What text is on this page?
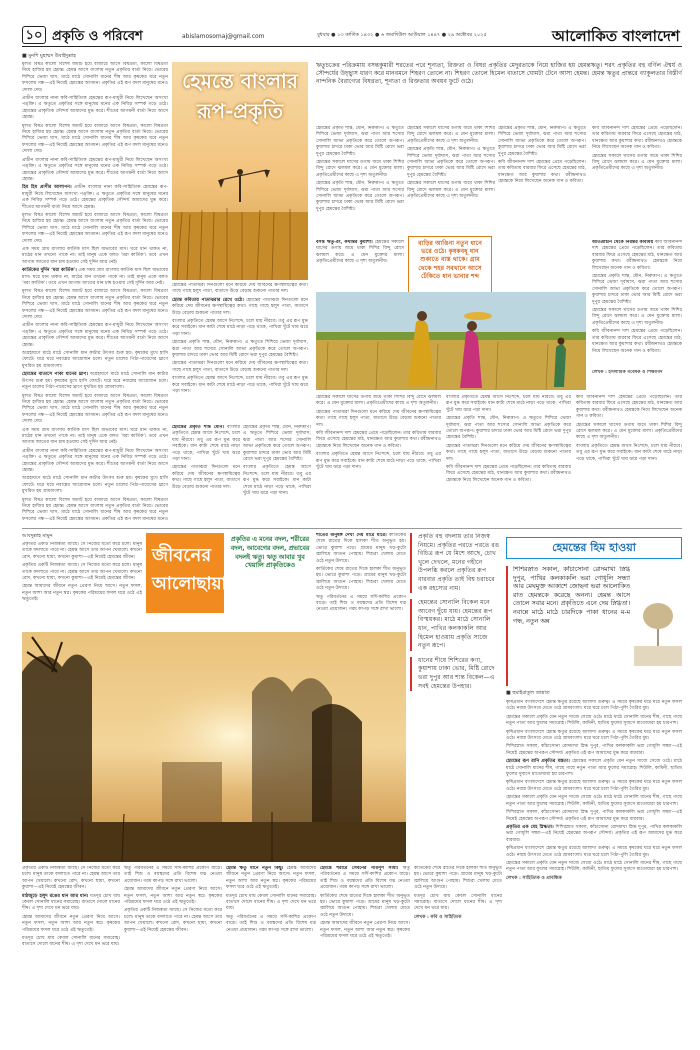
১০ প্রকৃতি ও পরিবেশ	abislamosomaj@gmail.com	বুধবার ● ১৩ কার্তিক ১৪৩২ ● ৬ জমাদিউল আউয়াল ১৪৪৭ ● ২৯ অক্টোবর ২০২৫	আলোকিত বাংলাদেশ
■ মুনশি মুহাম্মদ উবাইদুল্লাহ

মূলত বিষণ্ণ কালো বিশেষ জমাট হয়ে বাজারে আসে বিষণ্ণতা, কালো বিষণ্ণতা নিয়ে হাজির হয় হেমন্ত। হেমন্ত আসে বাংলায় নতুন প্রকৃতির বার্তা নিয়ে। ভোরের শিশিরে ভেজা ঘাস, মাঠে মাঠে সোনালি ধানের শীষ আর কৃষকের ঘরে নতুন ফসলের গন্ধ—এই নিয়েই হেমন্তের আগমন। প্রকৃতির এই রূপ বদল মানুষের মনেও দোলা দেয়।

প্রাচীন বাংলার নানা কবি-সাহিত্যিক হেমন্তের রূপ-মাধুরী নিয়ে লিখেছেন অসংখ্য পঙ্‌ক্তি। এ ঋতুতে প্রকৃতির সঙ্গে মানুষের মনের এক নিবিড় সম্পর্ক গড়ে ওঠে। হেমন্তের প্রাকৃতিক সৌন্দর্য আমাদের মুগ্ধ করে। শীতের আগমনী বার্তা নিয়ে আসে হেমন্ত।

মূলত বিষণ্ণ কালো বিশেষ জমাট হয়ে বাজারে আসে বিষণ্ণতা, কালো বিষণ্ণতা নিয়ে হাজির হয় হেমন্ত। হেমন্ত আসে বাংলায় নতুন প্রকৃতির বার্তা নিয়ে। ভোরের শিশিরে ভেজা ঘাস, মাঠে মাঠে সোনালি ধানের শীষ আর কৃষকের ঘরে নতুন ফসলের গন্ধ—এই নিয়েই হেমন্তের আগমন। প্রকৃতির এই রূপ বদল মানুষের মনেও দোলা দেয়।

প্রাচীন বাংলার নানা কবি-সাহিত্যিক হেমন্তের রূপ-মাধুরী নিয়ে লিখেছেন অসংখ্য পঙ্‌ক্তি। এ ঋতুতে প্রকৃতির সঙ্গে মানুষের মনের এক নিবিড় সম্পর্ক গড়ে ওঠে। হেমন্তের প্রাকৃতিক সৌন্দর্য আমাদের মুগ্ধ করে। শীতের আগমনী বার্তা নিয়ে আসে হেমন্ত।

হিম হিম প্রাণীর আলাপন। প্রাচীন বাংলার নানা কবি-সাহিত্যিক হেমন্তের রূপ-মাধুরী নিয়ে লিখেছেন অসংখ্য পঙ্‌ক্তি। এ ঋতুতে প্রকৃতির সঙ্গে মানুষের মনের এক নিবিড় সম্পর্ক গড়ে ওঠে। হেমন্তের প্রাকৃতিক সৌন্দর্য আমাদের মুগ্ধ করে। শীতের আগমনী বার্তা নিয়ে আসে হেমন্ত।

মূলত বিষণ্ণ কালো বিশেষ জমাট হয়ে বাজারে আসে বিষণ্ণতা, কালো বিষণ্ণতা নিয়ে হাজির হয় হেমন্ত। হেমন্ত আসে বাংলায় নতুন প্রকৃতির বার্তা নিয়ে। ভোরের শিশিরে ভেজা ঘাস, মাঠে মাঠে সোনালি ধানের শীষ আর কৃষকের ঘরে নতুন ফসলের গন্ধ—এই নিয়েই হেমন্তের আগমন। প্রকৃতির এই রূপ বদল মানুষের মনেও দোলা দেয়।

এক সময় গ্রাম বাংলায় কার্তিক মাস ছিল অভাবের মাস। ঘরে ধান থাকত না, মাঠের ধান তখনো পাকে না। তাই মানুষ একে বলত ‘মরা কার্তিক’। তবে এখন আগাম জাতের ধান চাষ হওয়ায় সেই দুর্দিন আর নেই।

কার্তিকের দুর্দিন ‘মরা কার্তিক’। এক সময় গ্রাম বাংলায় কার্তিক মাস ছিল অভাবের মাস। ঘরে ধান থাকত না, মাঠের ধান তখনো পাকে না। তাই মানুষ একে বলত ‘মরা কার্তিক’। তবে এখন আগাম জাতের ধান চাষ হওয়ায় সেই দুর্দিন আর নেই।

মূলত বিষণ্ণ কালো বিশেষ জমাট হয়ে বাজারে আসে বিষণ্ণতা, কালো বিষণ্ণতা নিয়ে হাজির হয় হেমন্ত। হেমন্ত আসে বাংলায় নতুন প্রকৃতির বার্তা নিয়ে। ভোরের শিশিরে ভেজা ঘাস, মাঠে মাঠে সোনালি ধানের শীষ আর কৃষকের ঘরে নতুন ফসলের গন্ধ—এই নিয়েই হেমন্তের আগমন। প্রকৃতির এই রূপ বদল মানুষের মনেও দোলা দেয়।

প্রাচীন বাংলার নানা কবি-সাহিত্যিক হেমন্তের রূপ-মাধুরী নিয়ে লিখেছেন অসংখ্য পঙ্‌ক্তি। এ ঋতুতে প্রকৃতির সঙ্গে মানুষের মনের এক নিবিড় সম্পর্ক গড়ে ওঠে। হেমন্তের প্রাকৃতিক সৌন্দর্য আমাদের মুগ্ধ করে। শীতের আগমনী বার্তা নিয়ে আসে হেমন্ত।

অগ্রহায়ণে মাঠে মাঠে সোনালি ধান কাটার উৎসব শুরু হয়। কৃষকের মুখে হাসি ফোটে। ঘরে ঘরে নবান্নের আয়োজন চলে। নতুন চালের পিঠা-পায়েসের ঘ্রাণে মুখরিত হয় গ্রামবাংলা।

হেমন্তের বাতাসে পাকা ধানের ঘ্রাণ। অগ্রহায়ণে মাঠে মাঠে সোনালি ধান কাটার উৎসব শুরু হয়। কৃষকের মুখে হাসি ফোটে। ঘরে ঘরে নবান্নের আয়োজন চলে। নতুন চালের পিঠা-পায়েসের ঘ্রাণে মুখরিত হয় গ্রামবাংলা।

মূলত বিষণ্ণ কালো বিশেষ জমাট হয়ে বাজারে আসে বিষণ্ণতা, কালো বিষণ্ণতা নিয়ে হাজির হয় হেমন্ত। হেমন্ত আসে বাংলায় নতুন প্রকৃতির বার্তা নিয়ে। ভোরের শিশিরে ভেজা ঘাস, মাঠে মাঠে সোনালি ধানের শীষ আর কৃষকের ঘরে নতুন ফসলের গন্ধ—এই নিয়েই হেমন্তের আগমন। প্রকৃতির এই রূপ বদল মানুষের মনেও দোলা দেয়।

এক সময় গ্রাম বাংলায় কার্তিক মাস ছিল অভাবের মাস। ঘরে ধান থাকত না, মাঠের ধান তখনো পাকে না। তাই মানুষ একে বলত ‘মরা কার্তিক’। তবে এখন আগাম জাতের ধান চাষ হওয়ায় সেই দুর্দিন আর নেই।

প্রাচীন বাংলার নানা কবি-সাহিত্যিক হেমন্তের রূপ-মাধুরী নিয়ে লিখেছেন অসংখ্য পঙ্‌ক্তি। এ ঋতুতে প্রকৃতির সঙ্গে মানুষের মনের এক নিবিড় সম্পর্ক গড়ে ওঠে। হেমন্তের প্রাকৃতিক সৌন্দর্য আমাদের মুগ্ধ করে। শীতের আগমনী বার্তা নিয়ে আসে হেমন্ত।

অগ্রহায়ণে মাঠে মাঠে সোনালি ধান কাটার উৎসব শুরু হয়। কৃষকের মুখে হাসি ফোটে। ঘরে ঘরে নবান্নের আয়োজন চলে। নতুন চালের পিঠা-পায়েসের ঘ্রাণে মুখরিত হয় গ্রামবাংলা।

মূলত বিষণ্ণ কালো বিশেষ জমাট হয়ে বাজারে আসে বিষণ্ণতা, কালো বিষণ্ণতা নিয়ে হাজির হয় হেমন্ত। হেমন্ত আসে বাংলায় নতুন প্রকৃতির বার্তা নিয়ে। ভোরের শিশিরে ভেজা ঘাস, মাঠে মাঠে সোনালি ধানের শীষ আর কৃষকের ঘরে নতুন ফসলের গন্ধ—এই নিয়েই হেমন্তের আগমন। প্রকৃতির এই রূপ বদল মানুষের মনেও

হেমন্তে বাংলার রূপ-প্রকৃতি
ঋতুচক্রের পরিক্রমায় বসন্তকুমারী শরতের পরে শূন্যতা, রিক্ততা ও বিষণ্ণ প্রকৃতির মেদুরতাকে নিয়ে হাজির হয় হেমন্তঋতু। শরৎ প্রকৃতির বহু বর্ণিল ঐশ্বর্য ও সৌন্দর্যের উচ্ছ্বাস ধারণ করে মানবমনে শিহরণ তোলে না। শিহরণ তোলে হিমেল বাতাসে ঘোমটা টেনে আসা হেমন্ত। হেমন্ত ঋতুর প্রান্তরে ব্যাকুলতার বিস্তীর্ণ নান্দনিক বৈরাগ্যের বিষণ্ণতা, শূন্যতা ও রিক্ততার অবয়ব ফুটে ওঠে।

হেমন্তের প্রকৃতি শান্ত, মৌন, নিরুত্তাপ। এ ঋতুতে শিশিরে ভেজা দূর্বাঘাস, ঝরা পাতা আর শস্যের সোনালি আভা প্রকৃতিকে করে তোলে অপরূপ। কুয়াশার চাদরে ঢাকা ভোর আর মিষ্টি রোদে ভরা দুপুর হেমন্তের বৈশিষ্ট্য।

হেমন্তের সকালে ঘাসের ডগায় জমে থাকা শিশির বিন্দু রোদে ঝলমল করে। এ যেন মুক্তোর মালা। প্রকৃতিপ্রেমীদের কাছে এ দৃশ্য অতুলনীয়।

হেমন্তের প্রকৃতি শান্ত, মৌন, নিরুত্তাপ। এ ঋতুতে শিশিরে ভেজা দূর্বাঘাস, ঝরা পাতা আর শস্যের সোনালি আভা প্রকৃতিকে করে তোলে অপরূপ। কুয়াশার চাদরে ঢাকা ভোর আর মিষ্টি রোদে ভরা দুপুর হেমন্তের বৈশিষ্ট্য।

হেমন্তের সকালে ঘাসের ডগায় জমে থাকা শিশির বিন্দু রোদে ঝলমল করে। এ যেন মুক্তোর মালা। প্রকৃতিপ্রেমীদের কাছে এ দৃশ্য অতুলনীয়।

হেমন্তের প্রকৃতি শান্ত, মৌন, নিরুত্তাপ। এ ঋতুতে শিশিরে ভেজা দূর্বাঘাস, ঝরা পাতা আর শস্যের সোনালি আভা প্রকৃতিকে করে তোলে অপরূপ। কুয়াশার চাদরে ঢাকা ভোর আর মিষ্টি রোদে ভরা দুপুর হেমন্তের বৈশিষ্ট্য।

হেমন্তের সকালে ঘাসের ডগায় জমে থাকা শিশির বিন্দু রোদে ঝলমল করে। এ যেন মুক্তোর মালা। প্রকৃতিপ্রেমীদের কাছে এ দৃশ্য অতুলনীয়।

হেমন্তের প্রকৃতি শান্ত, মৌন, নিরুত্তাপ। এ ঋতুতে শিশিরে ভেজা দূর্বাঘাস, ঝরা পাতা আর শস্যের সোনালি আভা প্রকৃতিকে করে তোলে অপরূপ। কুয়াশার চাদরে ঢাকা ভোর আর মিষ্টি রোদে ভরা দুপুর হেমন্তের বৈশিষ্ট্য।

কবি জীবনানন্দ দাশ হেমন্তের প্রেমে পড়েছিলেন। তার কবিতায় বারবার ফিরে এসেছে হেমন্তের মাঠ, ধানক্ষেত আর কুয়াশার কথা। রবীন্দ্রনাথও হেমন্তকে নিয়ে লিখেছেন অনেক গান ও কবিতা।

কবি জীবনানন্দ দাশ হেমন্তের প্রেমে পড়েছিলেন। তার কবিতায় বারবার ফিরে এসেছে হেমন্তের মাঠ, ধানক্ষেত আর কুয়াশার কথা। রবীন্দ্রনাথও হেমন্তকে নিয়ে লিখেছেন অনেক গান ও কবিতা।

হেমন্তের সকালে ঘাসের ডগায় জমে থাকা শিশির বিন্দু রোদে ঝলমল করে। এ যেন মুক্তোর মালা। প্রকৃতিপ্রেমীদের কাছে এ দৃশ্য অতুলনীয়।

বসন্ত ঋতু-রং, কথান্তর কুয়াশা। হেমন্তের সকালে ঘাসের ডগায় জমে থাকা শিশির বিন্দু রোদে ঝলমল করে। এ যেন মুক্তোর মালা। প্রকৃতিপ্রেমীদের কাছে এ দৃশ্য অতুলনীয়।

বাড়ির আঙিনা নতুন ধানে ভরে ওঠে। কৃষকবধূ ধান শুকাতে ব্যস্ত থাকে। গ্রাম থেকে শহর সবখানে আসে ঢেঁকিতে ধান ভানার শব্দ

অতিপ্রাচীন থেকে নিরন্তর কাব্যময় কবি জীবনানন্দ দাশ হেমন্তের প্রেমে পড়েছিলেন। তার কবিতায় বারবার ফিরে এসেছে হেমন্তের মাঠ, ধানক্ষেত আর কুয়াশার কথা। রবীন্দ্রনাথও হেমন্তকে নিয়ে লিখেছেন অনেক গান ও কবিতা।

হেমন্তের প্রকৃতি শান্ত, মৌন, নিরুত্তাপ। এ ঋতুতে শিশিরে ভেজা দূর্বাঘাস, ঝরা পাতা আর শস্যের সোনালি আভা প্রকৃতিকে করে তোলে অপরূপ। কুয়াশার চাদরে ঢাকা ভোর আর মিষ্টি রোদে ভরা দুপুর হেমন্তের বৈশিষ্ট্য।

হেমন্তের সকালে ঘাসের ডগায় জমে থাকা শিশির বিন্দু রোদে ঝলমল করে। এ যেন মুক্তোর মালা। প্রকৃতিপ্রেমীদের কাছে এ দৃশ্য অতুলনীয়।

কবি জীবনানন্দ দাশ হেমন্তের প্রেমে পড়েছিলেন। তার কবিতায় বারবার ফিরে এসেছে হেমন্তের মাঠ, ধানক্ষেত আর কুয়াশার কথা। রবীন্দ্রনাথও হেমন্তকে নিয়ে লিখেছেন অনেক গান ও কবিতা।

লেখক : ইসলামিক গবেষক ও শিক্ষাবিদ

হেমন্তের পাতাঝরা দিনগুলো মনে করিয়ে দেয় জীবনের ক্ষণস্থায়িত্বের কথা। গাছে গাছে হলুদ পাতা, বাতাসে উড়ে বেড়ায় শুকনো পাতার দল।

হেমন্ত কবিতায় পাতাঝরার রেখে ওঠে। হেমন্তের পাতাঝরা দিনগুলো মনে করিয়ে দেয় জীবনের ক্ষণস্থায়িত্বের কথা। গাছে গাছে হলুদ পাতা, বাতাসে উড়ে বেড়ায় শুকনো পাতার দল।

বাংলার প্রকৃতিতে হেমন্ত আসে নিঃশব্দে, চলে যায় নীরবে। তবু এর রূপ মুগ্ধ করে সবাইকে। ধান কাটা শেষে মাঠে নাড়া পড়ে থাকে, পাখিরা খুঁটে খায় ঝরে পড়া দানা।

হেমন্তের প্রকৃতি শান্ত, মৌন, নিরুত্তাপ। এ ঋতুতে শিশিরে ভেজা দূর্বাঘাস, ঝরা পাতা আর শস্যের সোনালি আভা প্রকৃতিকে করে তোলে অপরূপ। কুয়াশার চাদরে ঢাকা ভোর আর মিষ্টি রোদে ভরা দুপুর হেমন্তের বৈশিষ্ট্য।

হেমন্তের পাতাঝরা দিনগুলো মনে করিয়ে দেয় জীবনের ক্ষণস্থায়িত্বের কথা। গাছে গাছে হলুদ পাতা, বাতাসে উড়ে বেড়ায় শুকনো পাতার দল।

বাংলার প্রকৃতিতে হেমন্ত আসে নিঃশব্দে, চলে যায় নীরবে। তবু এর রূপ মুগ্ধ করে সবাইকে। ধান কাটা শেষে মাঠে নাড়া পড়ে থাকে, পাখিরা খুঁটে খায় ঝরে পড়া দানা।

হেমন্তের প্রকৃতি শান্ত মৌন। বাংলার প্রকৃতিতে হেমন্ত আসে নিঃশব্দে, চলে যায় নীরবে। তবু এর রূপ মুগ্ধ করে সবাইকে। ধান কাটা শেষে মাঠে নাড়া পড়ে থাকে, পাখিরা খুঁটে খায় ঝরে পড়া দানা।

হেমন্তের পাতাঝরা দিনগুলো মনে করিয়ে দেয় জীবনের ক্ষণস্থায়িত্বের কথা। গাছে গাছে হলুদ পাতা, বাতাসে উড়ে বেড়ায় শুকনো পাতার দল।

হেমন্তের প্রকৃতি শান্ত, মৌন, নিরুত্তাপ। এ ঋতুতে শিশিরে ভেজা দূর্বাঘাস, ঝরা পাতা আর শস্যের সোনালি আভা প্রকৃতিকে করে তোলে অপরূপ। কুয়াশার চাদরে ঢাকা ভোর আর মিষ্টি রোদে ভরা দুপুর হেমন্তের বৈশিষ্ট্য।

বাংলার প্রকৃতিতে হেমন্ত আসে নিঃশব্দে, চলে যায় নীরবে। তবু এর রূপ মুগ্ধ করে সবাইকে। ধান কাটা শেষে মাঠে নাড়া পড়ে থাকে, পাখিরা খুঁটে খায় ঝরে পড়া দানা।

হেমন্তের সকালে ঘাসের ডগায় জমে থাকা শিশির বিন্দু রোদে ঝলমল করে। এ যেন মুক্তোর মালা। প্রকৃতিপ্রেমীদের কাছে এ দৃশ্য অতুলনীয়।

হেমন্তের পাতাঝরা দিনগুলো মনে করিয়ে দেয় জীবনের ক্ষণস্থায়িত্বের কথা। গাছে গাছে হলুদ পাতা, বাতাসে উড়ে বেড়ায় শুকনো পাতার দল।

কবি জীবনানন্দ দাশ হেমন্তের প্রেমে পড়েছিলেন। তার কবিতায় বারবার ফিরে এসেছে হেমন্তের মাঠ, ধানক্ষেত আর কুয়াশার কথা। রবীন্দ্রনাথও হেমন্তকে নিয়ে লিখেছেন অনেক গান ও কবিতা।

বাংলার প্রকৃতিতে হেমন্ত আসে নিঃশব্দে, চলে যায় নীরবে। তবু এর রূপ মুগ্ধ করে সবাইকে। ধান কাটা শেষে মাঠে নাড়া পড়ে থাকে, পাখিরা খুঁটে খায় ঝরে পড়া দানা।

বাংলার প্রকৃতিতে হেমন্ত আসে নিঃশব্দে, চলে যায় নীরবে। তবু এর রূপ মুগ্ধ করে সবাইকে। ধান কাটা শেষে মাঠে নাড়া পড়ে থাকে, পাখিরা খুঁটে খায় ঝরে পড়া দানা।

হেমন্তের প্রকৃতি শান্ত, মৌন, নিরুত্তাপ। এ ঋতুতে শিশিরে ভেজা দূর্বাঘাস, ঝরা পাতা আর শস্যের সোনালি আভা প্রকৃতিকে করে তোলে অপরূপ। কুয়াশার চাদরে ঢাকা ভোর আর মিষ্টি রোদে ভরা দুপুর হেমন্তের বৈশিষ্ট্য।

হেমন্তের পাতাঝরা দিনগুলো মনে করিয়ে দেয় জীবনের ক্ষণস্থায়িত্বের কথা। গাছে গাছে হলুদ পাতা, বাতাসে উড়ে বেড়ায় শুকনো পাতার দল।

কবি জীবনানন্দ দাশ হেমন্তের প্রেমে পড়েছিলেন। তার কবিতায় বারবার ফিরে এসেছে হেমন্তের মাঠ, ধানক্ষেত আর কুয়াশার কথা। রবীন্দ্রনাথও হেমন্তকে নিয়ে লিখেছেন অনেক গান ও কবিতা।

কবি জীবনানন্দ দাশ হেমন্তের প্রেমে পড়েছিলেন। তার কবিতায় বারবার ফিরে এসেছে হেমন্তের মাঠ, ধানক্ষেত আর কুয়াশার কথা। রবীন্দ্রনাথও হেমন্তকে নিয়ে লিখেছেন অনেক গান ও কবিতা।

হেমন্তের সকালে ঘাসের ডগায় জমে থাকা শিশির বিন্দু রোদে ঝলমল করে। এ যেন মুক্তোর মালা। প্রকৃতিপ্রেমীদের কাছে এ দৃশ্য অতুলনীয়।

বাংলার প্রকৃতিতে হেমন্ত আসে নিঃশব্দে, চলে যায় নীরবে। তবু এর রূপ মুগ্ধ করে সবাইকে। ধান কাটা শেষে মাঠে নাড়া পড়ে থাকে, পাখিরা খুঁটে খায় ঝরে পড়া দানা।

আবদুল্লাহ মামুন

প্রকৃতির একটি নিজস্বতা আছে। সে নিজের মতো করে চলে। মানুষ তাকে বদলাতে পারে না। হেমন্ত আসে তার আপন খেয়ালে। কখনো রোদ, কখনো ছায়া, কখনো কুয়াশা—এই নিয়েই হেমন্তের জীবন।

প্রকৃতির একটি নিজস্বতা আছে। সে নিজের মতো করে চলে। মানুষ তাকে বদলাতে পারে না। হেমন্ত আসে তার আপন খেয়ালে। কখনো রোদ, কখনো ছায়া, কখনো কুয়াশা—এই নিয়েই হেমন্তের জীবন।

হেমন্ত আমাদের জীবনে নতুন প্রেরণা নিয়ে আসে। নতুন ফসল, নতুন আশা আর নতুন স্বপ্ন। কৃষকের পরিশ্রমের ফসল ঘরে ওঠে এই ঋতুতেই।

জীবনের
আলোছায়া
প্রকৃতির এ মনের বদল, শরীরের বদল, আবেগের বদল, প্রভাবের বদলই ঋতু। ঋতু আবার খুব খেয়ালি প্রাকৃতিকেও

শীতের অনুষঙ্গ দেখা দেয় মীরে মীরে। কার্তিকের শেষে রাতের দিকে হালকা শীত অনুভূত হয়। ভোরে কুয়াশা পড়ে। গ্রামের মানুষ খড়-কুটো জ্বালিয়ে আগুন পোহায়। শিশুরা খেলায় মেতে ওঠে নতুন উদ্যমে।

কার্তিকের শেষে রাতের দিকে হালকা শীত অনুভূত হয়। ভোরে কুয়াশা পড়ে। গ্রামের মানুষ খড়-কুটো জ্বালিয়ে আগুন পোহায়। শিশুরা খেলায় মেতে ওঠে নতুন উদ্যমে।

ঋতু পরিবর্তনের এ সময়ে সর্দি-কাশির প্রকোপ বাড়ে। তাই শিশু ও বয়স্কদের প্রতি বিশেষ যত্ন নেওয়া প্রয়োজন। গরম কাপড় সঙ্গে রাখা ভালো।

প্রকৃতি বহু বদলায় তার নিজস্ব নিয়মে। প্রকৃতির পরতে পরতে রঙ বিচিত্র রূপ যে মিশে আছে, চোখ খুলে দেখলে, মনের গহীনে উপলব্ধি করলে প্রকৃতির রূপ বারবার প্রকৃতি তাই বিশ্ব চরাচরে এক রহস্যের নাম।

হেমন্তের সোনালি বিকেল মনে আবেগ ছুঁয়ে যায়। হেমন্তের রূপ বিস্ময়কর। মাঠে মাঠে সোনালি ধান, পাখির কলকাকলি আর হিমেল হাওয়ায় প্রকৃতি সাজে নতুন রূপে।

ধানের শীষে শিশিরের কণা, কুয়াশায় ঢাকা ভোর, মিষ্টি রোদে ভরা দুপুর আর শান্ত বিকেল—এ সবই হেমন্তের উপহার।

প্রকৃতির একটি নিজস্বতা আছে। সে নিজের মতো করে চলে। মানুষ তাকে বদলাতে পারে না। হেমন্ত আসে তার আপন খেয়ালে। কখনো রোদ, কখনো ছায়া, কখনো কুয়াশা—এই নিয়েই হেমন্তের জীবন।

মাঠজুড়ে হলুদ রঙের ধান আর ধান। যতদূর চোখ যায় কেবল সোনালি ধানের সমারোহ। বাতাসে দোলে ধানের শীষ। এ দৃশ্য দেখে মন ভরে যায়।

হেমন্ত আমাদের জীবনে নতুন প্রেরণা নিয়ে আসে। নতুন ফসল, নতুন আশা আর নতুন স্বপ্ন। কৃষকের পরিশ্রমের ফসল ঘরে ওঠে এই ঋতুতেই।

যতদূর চোখ যায় কেবল সোনালি ধানের সমারোহ। বাতাসে দোলে ধানের শীষ। এ দৃশ্য দেখে মন ভরে যায়।

ঋতু পরিবর্তনের এ সময়ে সর্দি-কাশির প্রকোপ বাড়ে। তাই শিশু ও বয়স্কদের প্রতি বিশেষ যত্ন নেওয়া প্রয়োজন। গরম কাপড় সঙ্গে রাখা ভালো।

হেমন্ত আমাদের জীবনে নতুন প্রেরণা নিয়ে আসে। নতুন ফসল, নতুন আশা আর নতুন স্বপ্ন। কৃষকের পরিশ্রমের ফসল ঘরে ওঠে এই ঋতুতেই।

প্রকৃতির একটি নিজস্বতা আছে। সে নিজের মতো করে চলে। মানুষ তাকে বদলাতে পারে না। হেমন্ত আসে তার আপন খেয়ালে। কখনো রোদ, কখনো ছায়া, কখনো কুয়াশা—এই নিয়েই হেমন্তের জীবন।

হেমন্ত ঋতু মানে নতুন কিছু। হেমন্ত আমাদের জীবনে নতুন প্রেরণা নিয়ে আসে। নতুন ফসল, নতুন আশা আর নতুন স্বপ্ন। কৃষকের পরিশ্রমের ফসল ঘরে ওঠে এই ঋতুতেই।

যতদূর চোখ যায় কেবল সোনালি ধানের সমারোহ। বাতাসে দোলে ধানের শীষ। এ দৃশ্য দেখে মন ভরে যায়।

ঋতু পরিবর্তনের এ সময়ে সর্দি-কাশির প্রকোপ বাড়ে। তাই শিশু ও বয়স্কদের প্রতি বিশেষ যত্ন নেওয়া প্রয়োজন। গরম কাপড় সঙ্গে রাখা ভালো।

হেমন্তে শরীরে সেবনের পরিপূর্ণ সীমা। ঋতু পরিবর্তনের এ সময়ে সর্দি-কাশির প্রকোপ বাড়ে। তাই শিশু ও বয়স্কদের প্রতি বিশেষ যত্ন নেওয়া প্রয়োজন। গরম কাপড় সঙ্গে রাখা ভালো।

কার্তিকের শেষে রাতের দিকে হালকা শীত অনুভূত হয়। ভোরে কুয়াশা পড়ে। গ্রামের মানুষ খড়-কুটো জ্বালিয়ে আগুন পোহায়। শিশুরা খেলায় মেতে ওঠে নতুন উদ্যমে।

হেমন্ত আমাদের জীবনে নতুন প্রেরণা নিয়ে আসে। নতুন ফসল, নতুন আশা আর নতুন স্বপ্ন। কৃষকের পরিশ্রমের ফসল ঘরে ওঠে এই ঋতুতেই।

কার্তিকের শেষে রাতের দিকে হালকা শীত অনুভূত হয়। ভোরে কুয়াশা পড়ে। গ্রামের মানুষ খড়-কুটো জ্বালিয়ে আগুন পোহায়। শিশুরা খেলায় মেতে ওঠে নতুন উদ্যমে।

যতদূর চোখ যায় কেবল সোনালি ধানের সমারোহ। বাতাসে দোলে ধানের শীষ। এ দৃশ্য দেখে মন ভরে যায়।

লেখক : কবি ও সাহিত্যিক

হেমন্তের হিম হাওয়া
শিশিরস্নাত সকাল, কাঁচাসোনা রোদমাখা স্নিগ্ধ দুপুর, পাখির কলকাকলি ভরা গোধূলি সন্ধ্যা আর মেঘমুক্ত আকাশে জোছনা ভরা আলোকিত রাত হেমন্তকে করেছে অনন্য। হেমন্ত আসে তোলে সবার মনে। প্রকৃতিতে এনে দেয় স্নিগ্ধতা। নবান্নে মাঠে মাঠে চারদিকে পাকা ধানের ম-ম গন্ধ, নতুন অন্ন
■ হুমাইরাতুল জান্নাত

কৃষিপ্রধান বাংলাদেশে হেমন্ত ঋতুর রয়েছে আলাদা গুরুত্ব। এ সময়ে কৃষকের ঘরে ঘরে নতুন ফসল ওঠে। নবান্ন উৎসবে মেতে ওঠে গ্রামবাংলা। ঘরে ঘরে চলে পিঠা-পুলি তৈরির ধুম।

হেমন্তের সকালে প্রকৃতি যেন নতুন সাজে সেজে ওঠে। মাঠে মাঠে সোনালি ধানের শীষ, গাছে গাছে নতুন পাতা আর ফুলের সমারোহ। শিউলি, কামিনী, ছাতিম ফুলের সুবাসে মাতোয়ারা হয় চারপাশ।

কৃষিপ্রধান বাংলাদেশে হেমন্ত ঋতুর রয়েছে আলাদা গুরুত্ব। এ সময়ে কৃষকের ঘরে ঘরে নতুন ফসল ওঠে। নবান্ন উৎসবে মেতে ওঠে গ্রামবাংলা। ঘরে ঘরে চলে পিঠা-পুলি তৈরির ধুম।

শিশিরস্নাত সকাল, কাঁচাসোনা রোদমাখা স্নিগ্ধ দুপুর, পাখির কলকাকলি ভরা গোধূলি সন্ধ্যা—এই নিয়েই হেমন্তের অপরূপ সৌন্দর্য। প্রকৃতির এই রূপ আমাদের মুগ্ধ করে বারবার।

হেমন্তের রূপ রানি প্রকৃতির মন্ত্রতা। হেমন্তের সকালে প্রকৃতি যেন নতুন সাজে সেজে ওঠে। মাঠে মাঠে সোনালি ধানের শীষ, গাছে গাছে নতুন পাতা আর ফুলের সমারোহ। শিউলি, কামিনী, ছাতিম ফুলের সুবাসে মাতোয়ারা হয় চারপাশ।

কৃষিপ্রধান বাংলাদেশে হেমন্ত ঋতুর রয়েছে আলাদা গুরুত্ব। এ সময়ে কৃষকের ঘরে ঘরে নতুন ফসল ওঠে। নবান্ন উৎসবে মেতে ওঠে গ্রামবাংলা। ঘরে ঘরে চলে পিঠা-পুলি তৈরির ধুম।

হেমন্তের সকালে প্রকৃতি যেন নতুন সাজে সেজে ওঠে। মাঠে মাঠে সোনালি ধানের শীষ, গাছে গাছে নতুন পাতা আর ফুলের সমারোহ। শিউলি, কামিনী, ছাতিম ফুলের সুবাসে মাতোয়ারা হয় চারপাশ।

শিশিরস্নাত সকাল, কাঁচাসোনা রোদমাখা স্নিগ্ধ দুপুর, পাখির কলকাকলি ভরা গোধূলি সন্ধ্যা—এই নিয়েই হেমন্তের অপরূপ সৌন্দর্য। প্রকৃতির এই রূপ আমাদের মুগ্ধ করে বারবার।

প্রকৃতির এক মেহ স্নিগ্ধতা। শিশিরস্নাত সকাল, কাঁচাসোনা রোদমাখা স্নিগ্ধ দুপুর, পাখির কলকাকলি ভরা গোধূলি সন্ধ্যা—এই নিয়েই হেমন্তের অপরূপ সৌন্দর্য। প্রকৃতির এই রূপ আমাদের মুগ্ধ করে বারবার।

কৃষিপ্রধান বাংলাদেশে হেমন্ত ঋতুর রয়েছে আলাদা গুরুত্ব। এ সময়ে কৃষকের ঘরে ঘরে নতুন ফসল ওঠে। নবান্ন উৎসবে মেতে ওঠে গ্রামবাংলা। ঘরে ঘরে চলে পিঠা-পুলি তৈরির ধুম।

হেমন্তের সকালে প্রকৃতি যেন নতুন সাজে সেজে ওঠে। মাঠে মাঠে সোনালি ধানের শীষ, গাছে গাছে নতুন পাতা আর ফুলের সমারোহ। শিউলি, কামিনী, ছাতিম ফুলের সুবাসে মাতোয়ারা হয় চারপাশ।

লেখক : সাহিত্যিক ও প্রাবন্ধিক
